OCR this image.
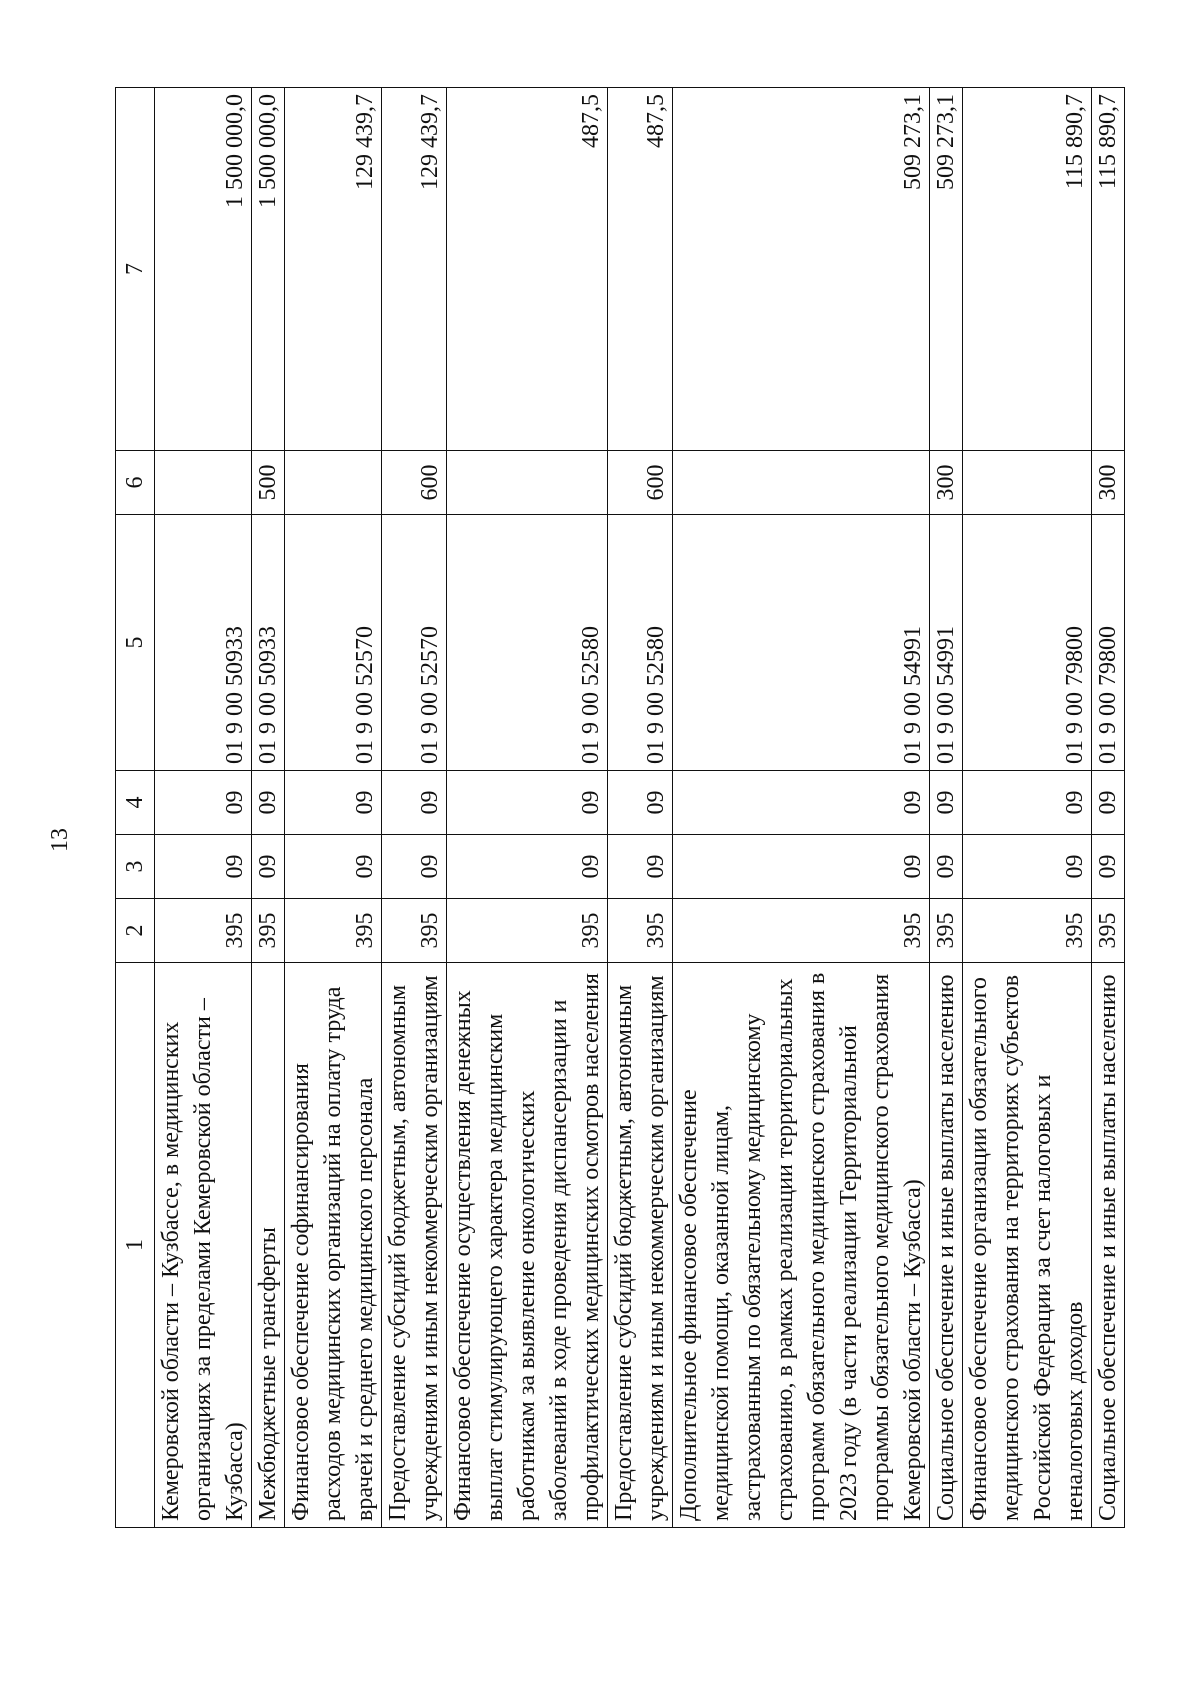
13
1	2	3	4	5	6	7
Кемеровской области – Кузбассе, в медицинских организациях за пределами Кемеровской области – Кузбасса)	395	09	09	01 9 00 50933		1 500 000,0
Межбюджетные трансферты	395	09	09	01 9 00 50933	500	1 500 000,0
Финансовое обеспечение софинансирования расходов медицинских организаций на оплату труда врачей и среднего медицинского персонала	395	09	09	01 9 00 52570		129 439,7
Предоставление субсидий бюджетным, автономным учреждениям и иным некоммерческим организациям	395	09	09	01 9 00 52570	600	129 439,7
Финансовое обеспечение осуществления денежных выплат стимулирующего характера медицинским работникам за выявление онкологических заболеваний в ходе проведения диспансеризации и профилактических медицинских осмотров населения	395	09	09	01 9 00 52580		487,5
Предоставление субсидий бюджетным, автономным учреждениям и иным некоммерческим организациям	395	09	09	01 9 00 52580	600	487,5
Дополнительное финансовое обеспечение медицинской помощи, оказанной лицам, застрахованным по обязательному медицинскому страхованию, в рамках реализации территориальных программ обязательного медицинского страхования в 2023 году (в части реализации Территориальной программы обязательного медицинского страхования Кемеровской области – Кузбасса)	395	09	09	01 9 00 54991		509 273,1
Социальное обеспечение и иные выплаты населению	395	09	09	01 9 00 54991	300	509 273,1
Финансовое обеспечение организации обязательного медицинского страхования на территориях субъектов Российской Федерации за счет налоговых и неналоговых доходов	395	09	09	01 9 00 79800		115 890,7
Социальное обеспечение и иные выплаты населению	395	09	09	01 9 00 79800	300	115 890,7
